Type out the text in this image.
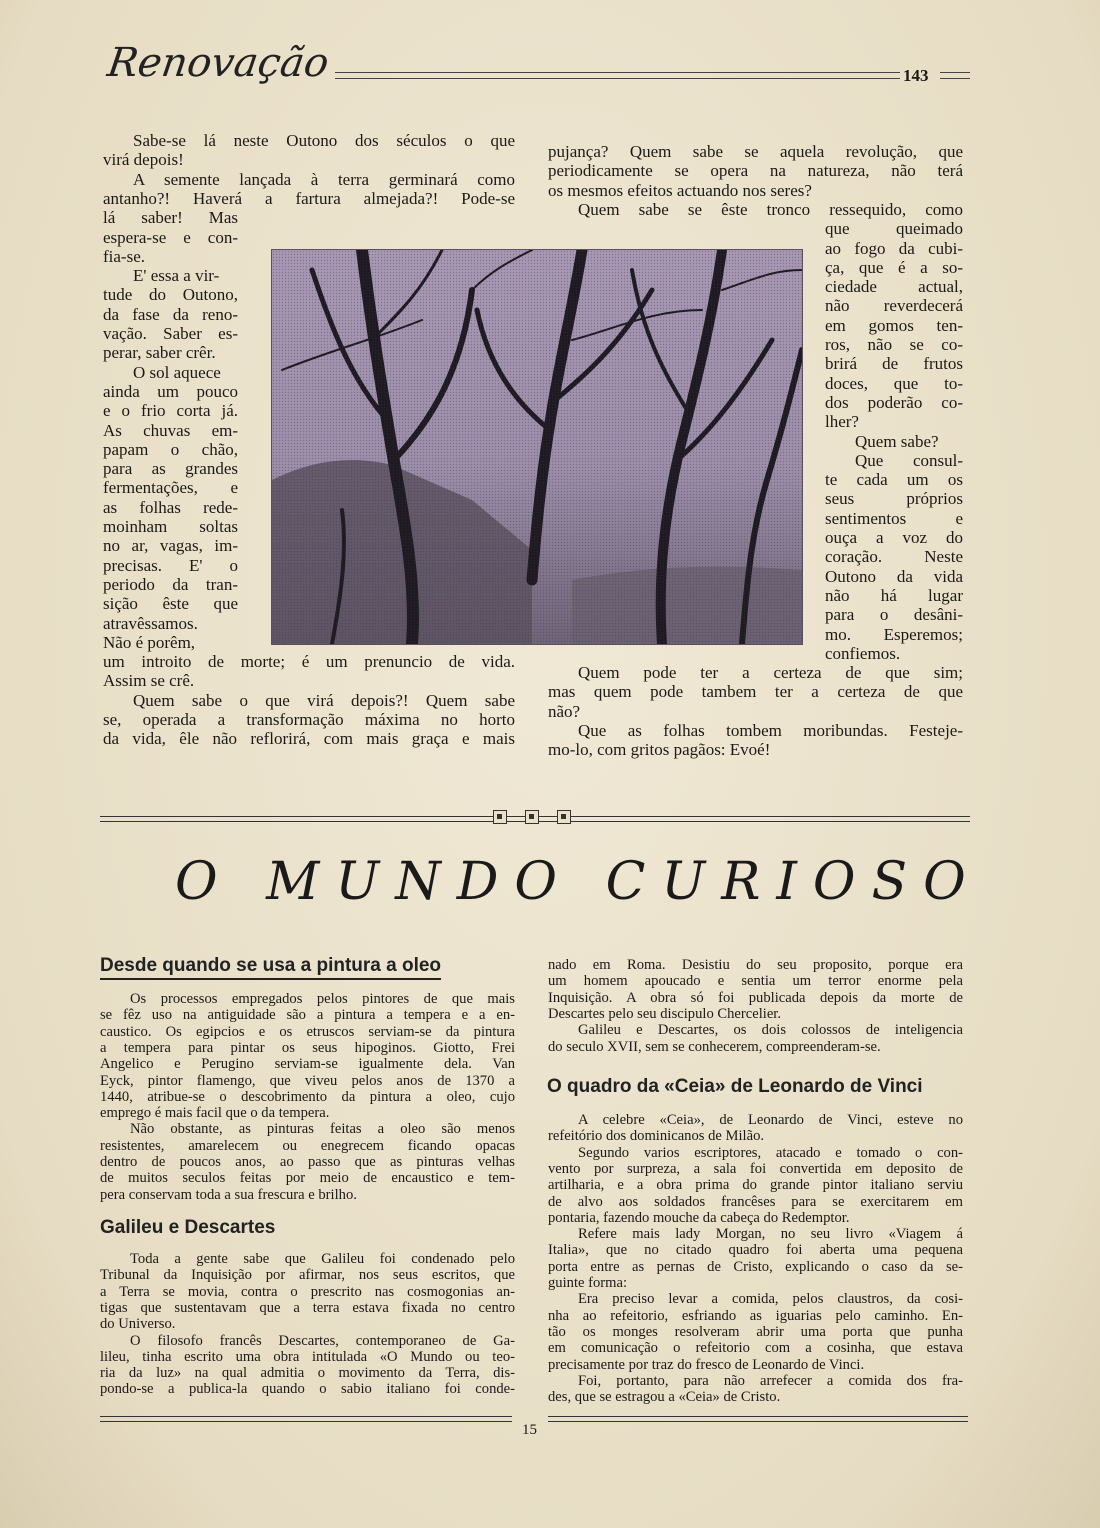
Renovação	143
Sabe-se lá neste Outono dos séculos o que
virá depois!
A semente lançada à terra germinará como
antanho?! Haverá a fartura almejada?! Pode-se
lá saber! Mas
espera-se e con-
fia-se.
E' essa a vir-
tude do Outono,
da fase da reno-
vação. Saber es-
perar, saber crêr.
O sol aquece
ainda um pouco
e o frio corta já.
As chuvas em-
papam o chão,
para as grandes
fermentações, e
as folhas rede-
moinham soltas
no ar, vagas, im-
precisas. E' o
periodo da tran-
sição êste que
atravêssamos.
Não é porêm,
um introito de morte; é um prenuncio de vida.
Assim se crê.
Quem sabe o que virá depois?! Quem sabe
se, operada a transformação máxima no horto
da vida, êle não reflorirá, com mais graça e mais
pujança? Quem sabe se aquela revolução, que
periodicamente se opera na natureza, não terá
os mesmos efeitos actuando nos seres?
Quem sabe se êste tronco ressequido, como
que queimado
ao fogo da cubi-
ça, que é a so-
ciedade actual,
não reverdecerá
em gomos ten-
ros, não se co-
brirá de frutos
doces, que to-
dos poderão co-
lher?
Quem sabe?
Que consul-
te cada um os
seus próprios
sentimentos e
ouça a voz do
coração. Neste
Outono da vida
não há lugar
para o desâni-
mo. Esperemos;
confiemos.
Quem pode ter a certeza de que sim;
mas quem pode tambem ter a certeza de que
não?
Que as folhas tombem moribundas. Festeje-
mo-lo, com gritos pagãos: Evoé!
O MUNDO CURIOSO
Desde quando se usa a pintura a oleo
Os processos empregados pelos pintores de que mais
se fêz uso na antiguidade são a pintura a tempera e a en-
caustico. Os egipcios e os etruscos serviam-se da pintura
a tempera para pintar os seus hipoginos. Giotto, Frei
Angelico e Perugino serviam-se igualmente dela. Van
Eyck, pintor flamengo, que viveu pelos anos de 1370 a
1440, atribue-se o descobrimento da pintura a oleo, cujo
emprego é mais facil que o da tempera.
Não obstante, as pinturas feitas a oleo são menos
resistentes, amarelecem ou enegrecem ficando opacas
dentro de poucos anos, ao passo que as pinturas velhas
de muitos seculos feitas por meio de encaustico e tem-
pera conservam toda a sua frescura e brilho.
Galileu e Descartes
Toda a gente sabe que Galileu foi condenado pelo
Tribunal da Inquisição por afirmar, nos seus escritos, que
a Terra se movia, contra o prescrito nas cosmogonias an-
tigas que sustentavam que a terra estava fixada no centro
do Universo.
O filosofo francês Descartes, contemporaneo de Ga-
lileu, tinha escrito uma obra intitulada «O Mundo ou teo-
ria da luz» na qual admitia o movimento da Terra, dis-
pondo-se a publica-la quando o sabio italiano foi conde-
nado em Roma. Desistiu do seu proposito, porque era
um homem apoucado e sentia um terror enorme pela
Inquisição. A obra só foi publicada depois da morte de
Descartes pelo seu discipulo Chercelier.
Galileu e Descartes, os dois colossos de inteligencia
do seculo XVII, sem se conhecerem, compreenderam-se.
O quadro da «Ceia» de Leonardo de Vinci
A celebre «Ceia», de Leonardo de Vinci, esteve no
refeitório dos dominicanos de Milão.
Segundo varios escriptores, atacado e tomado o con-
vento por surpreza, a sala foi convertida em deposito de
artilharia, e a obra prima do grande pintor italiano serviu
de alvo aos soldados francêses para se exercitarem em
pontaria, fazendo mouche da cabeça do Redemptor.
Refere mais lady Morgan, no seu livro «Viagem á
Italia», que no citado quadro foi aberta uma pequena
porta entre as pernas de Cristo, explicando o caso da se-
guinte forma:
Era preciso levar a comida, pelos claustros, da cosi-
nha ao refeitorio, esfriando as iguarias pelo caminho. En-
tão os monges resolveram abrir uma porta que punha
em comunicação o refeitorio com a cosinha, que estava
precisamente por traz do fresco de Leonardo de Vinci.
Foi, portanto, para não arrefecer a comida dos fra-
des, que se estragou a «Ceia» de Cristo.
15
